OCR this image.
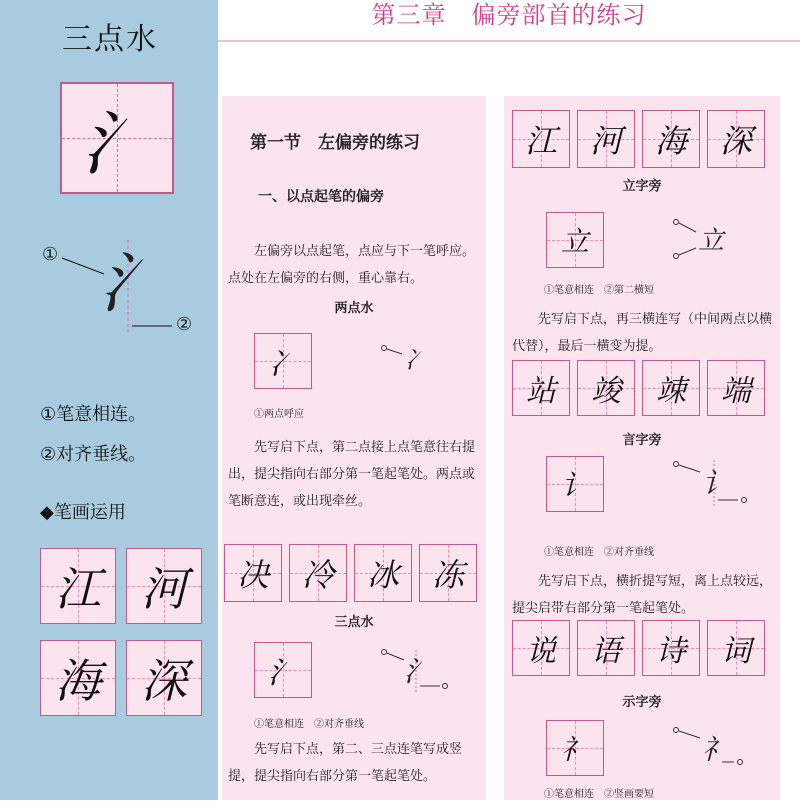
三点水
氵
① 氵
②
①笔意相连。
②对齐垂线。
◆笔画运用
江 河
海 深
第三章　偏旁部首的练习
第一节　左偏旁的练习
一、以点起笔的偏旁
左偏旁以点起笔，点应与下一笔呼应。点处在左偏旁的右侧，重心靠右。
两点水
冫	冫
①两点呼应
先写启下点，第二点接上点笔意往右提出，提尖指向右部分第一笔起笔处。两点或笔断意连，或出现牵丝。
决	冷	冰	冻
三点水
氵	氵
①笔意相连　②对齐垂线
先写启下点，第二、三点连笔写成竖提，提尖指向右部分第一笔起笔处。
江	河	海	深
立字旁
立	立
①笔意相连　②第二横短
先写启下点，再三横连写（中间两点以横代替），最后一横变为提。
站	竣	竦	端
言字旁
讠	讠
①笔意相连　②对齐垂线
先写启下点，横折提写短，离上点较远，提尖启带右部分第一笔起笔处。
说	语	诗	词
示字旁
礻	礻
①笔意相连　②竖画要短
